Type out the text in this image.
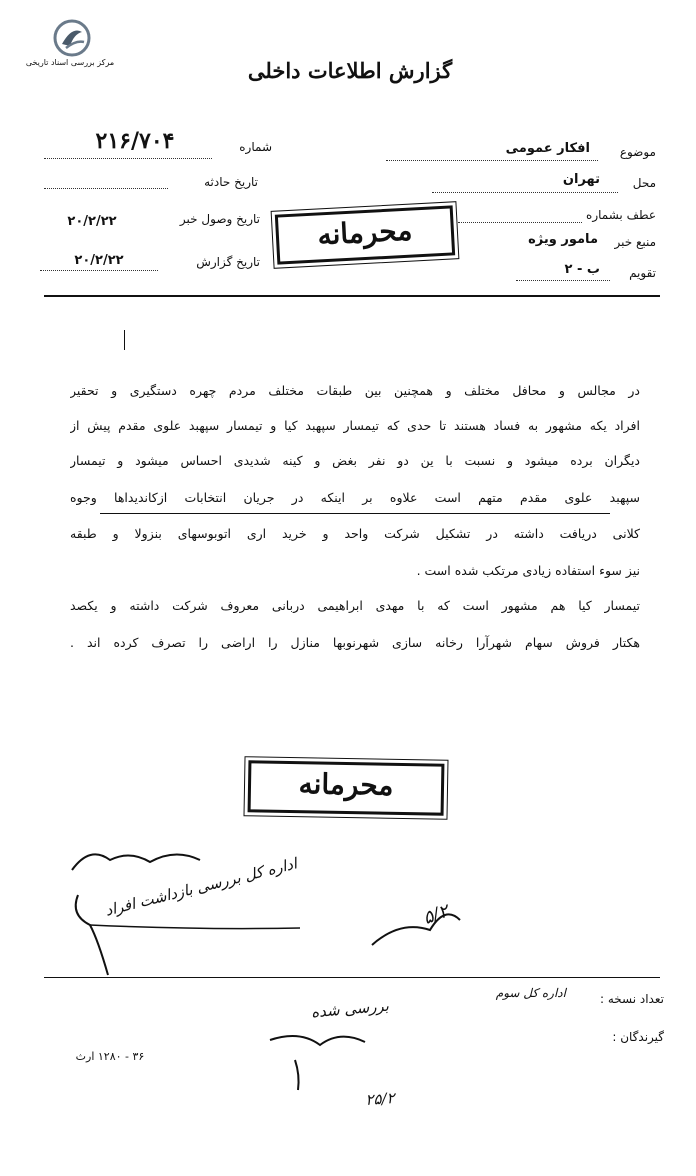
مرکز بررسی اسناد تاریخی	گزارش اطلاعات داخلی
شماره
۲۱۶/۷۰۴
تاریخ حادثه
تاریخ وصول خبر
۲۰/۲/۲۲
تاریخ گزارش
۲۰/۲/۲۲
موضوع
افکار عمومی
محل
تهران
عطف بشماره
منبع خبر
مامور ویژه
تقویم
ب - ۲
محرمانه
در مجالس و محافل مختلف و همچنین بین طبقات مختلف مردم چهره دستگیری و تحقیر
افراد یکه مشهور به فساد هستند تا حدی که تیمسار سپهبد کیا و تیمسار سپهبد علوی مقدم پیش از
دیگران برده میشود و نسبت با ین دو نفر بغض و کینه شدیدی احساس میشود و تیمسار
سپهبد علوی مقدم متهم است علاوه بر اینکه در جریان انتخابات ازکاندیداها وجوه
کلانی دریافت داشته در تشکیل شرکت واحد و خرید اری اتوبوسهای بنزولا و طبقه
نیز سوء استفاده زیادی مرتکب شده است .
تیمسار کیا هم مشهور است که با مهدی ابراهیمی دربانی معروف شرکت داشته و یکصد
هکتار فروش سهام شهرآرا رخانه سازی شهرنوبها منازل را اراضی را تصرف کرده اند .
محرمانه
اداره کل بررسی بازداشت افراد	۵/۲
تعداد نسخه :
اداره کل سوم
گیرندگان :
بررسی شده
۲۵/۲
۳۶ - ۱۲۸۰ ارث
